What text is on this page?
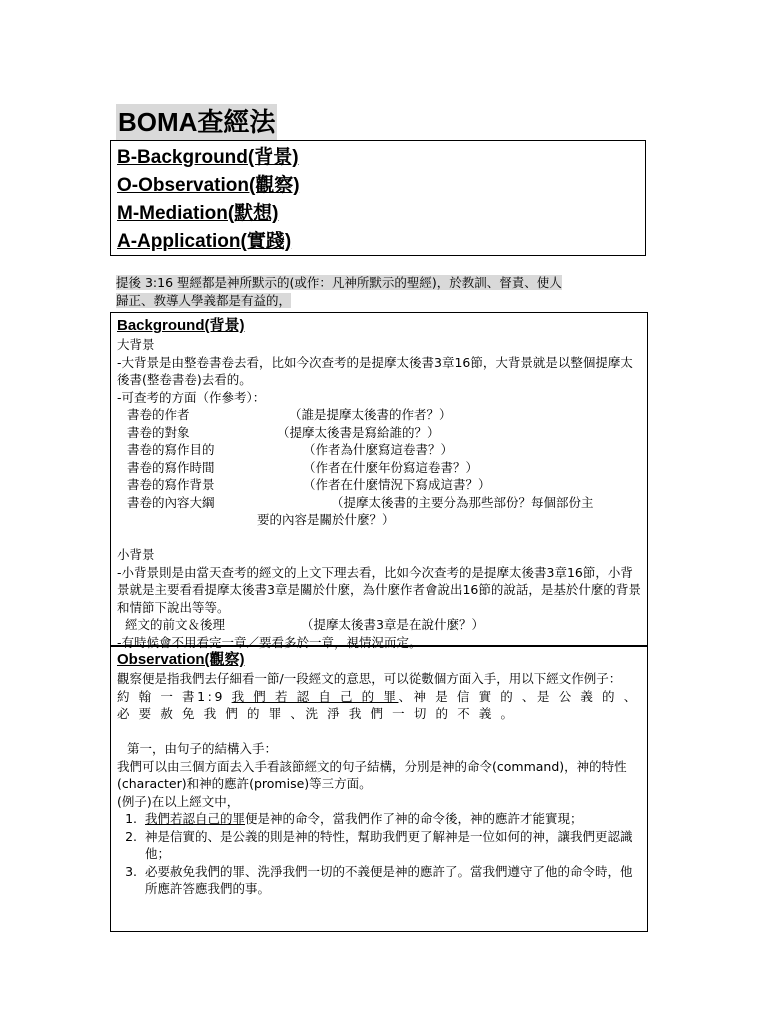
BOMA查經法
B-Background(背景)
O-Observation(觀察)
M-Mediation(默想)
A-Application(實踐)
提後 3:16 聖經都是神所默示的(或作：凡神所默示的聖經)，於教訓、督責、使人
歸正、教導人學義都是有益的，
Background(背景)
大背景
-大背景是由整卷書卷去看，比如今次查考的是提摩太後書3章16節，大背景就是以整個提摩太後書(整卷書卷)去看的。
-可查考的方面（作參考）：
書卷的作者	（誰是提摩太後書的作者？）
書卷的對象	（提摩太後書是寫給誰的？）
書卷的寫作目的	（作者為什麼寫這卷書？）
書卷的寫作時間	（作者在什麼年份寫這卷書？）
書卷的寫作背景	（作者在什麼情況下寫成這書？）
書卷的內容大綱	（提摩太後書的主要分為那些部份？每個部份主
要的內容是關於什麼？）
小背景
-小背景則是由當天查考的經文的上文下理去看，比如今次查考的是提摩太後書3章16節，小背景就是主要看看提摩太後書3章是關於什麼，為什麼作者會說出16節的說話，是基於什麼的背景和情節下說出等等。
經文的前文＆後理	（提摩太後書3章是在說什麼？）
-有時候會不用看完一章／要看多於一章，視情況而定。
Observation(觀察)
觀察便是指我們去仔細看一節/一段經文的意思，可以從數個方面入手，用以下經文作例子：
約 翰 一 書1:9 我 們 若 認 自 己 的 罪、神 是 信 實 的 、是 公 義 的 、必 要 赦 免 我 們 的 罪 、洗 淨 我 們 一 切 的 不 義 。
第一，由句子的結構入手：
我們可以由三個方面去入手看該節經文的句子結構，分別是神的命令(command)，神的特性(character)和神的應許(promise)等三方面。
(例子)在以上經文中，
1. 我們若認自己的罪便是神的命令，當我們作了神的命令後，神的應許才能實現；
2. 神是信實的、是公義的則是神的特性，幫助我們更了解神是一位如何的神，讓我們更認識他；
3. 必要赦免我們的罪、洗淨我們一切的不義便是神的應許了。當我們遵守了他的命令時，他所應許答應我們的事。
